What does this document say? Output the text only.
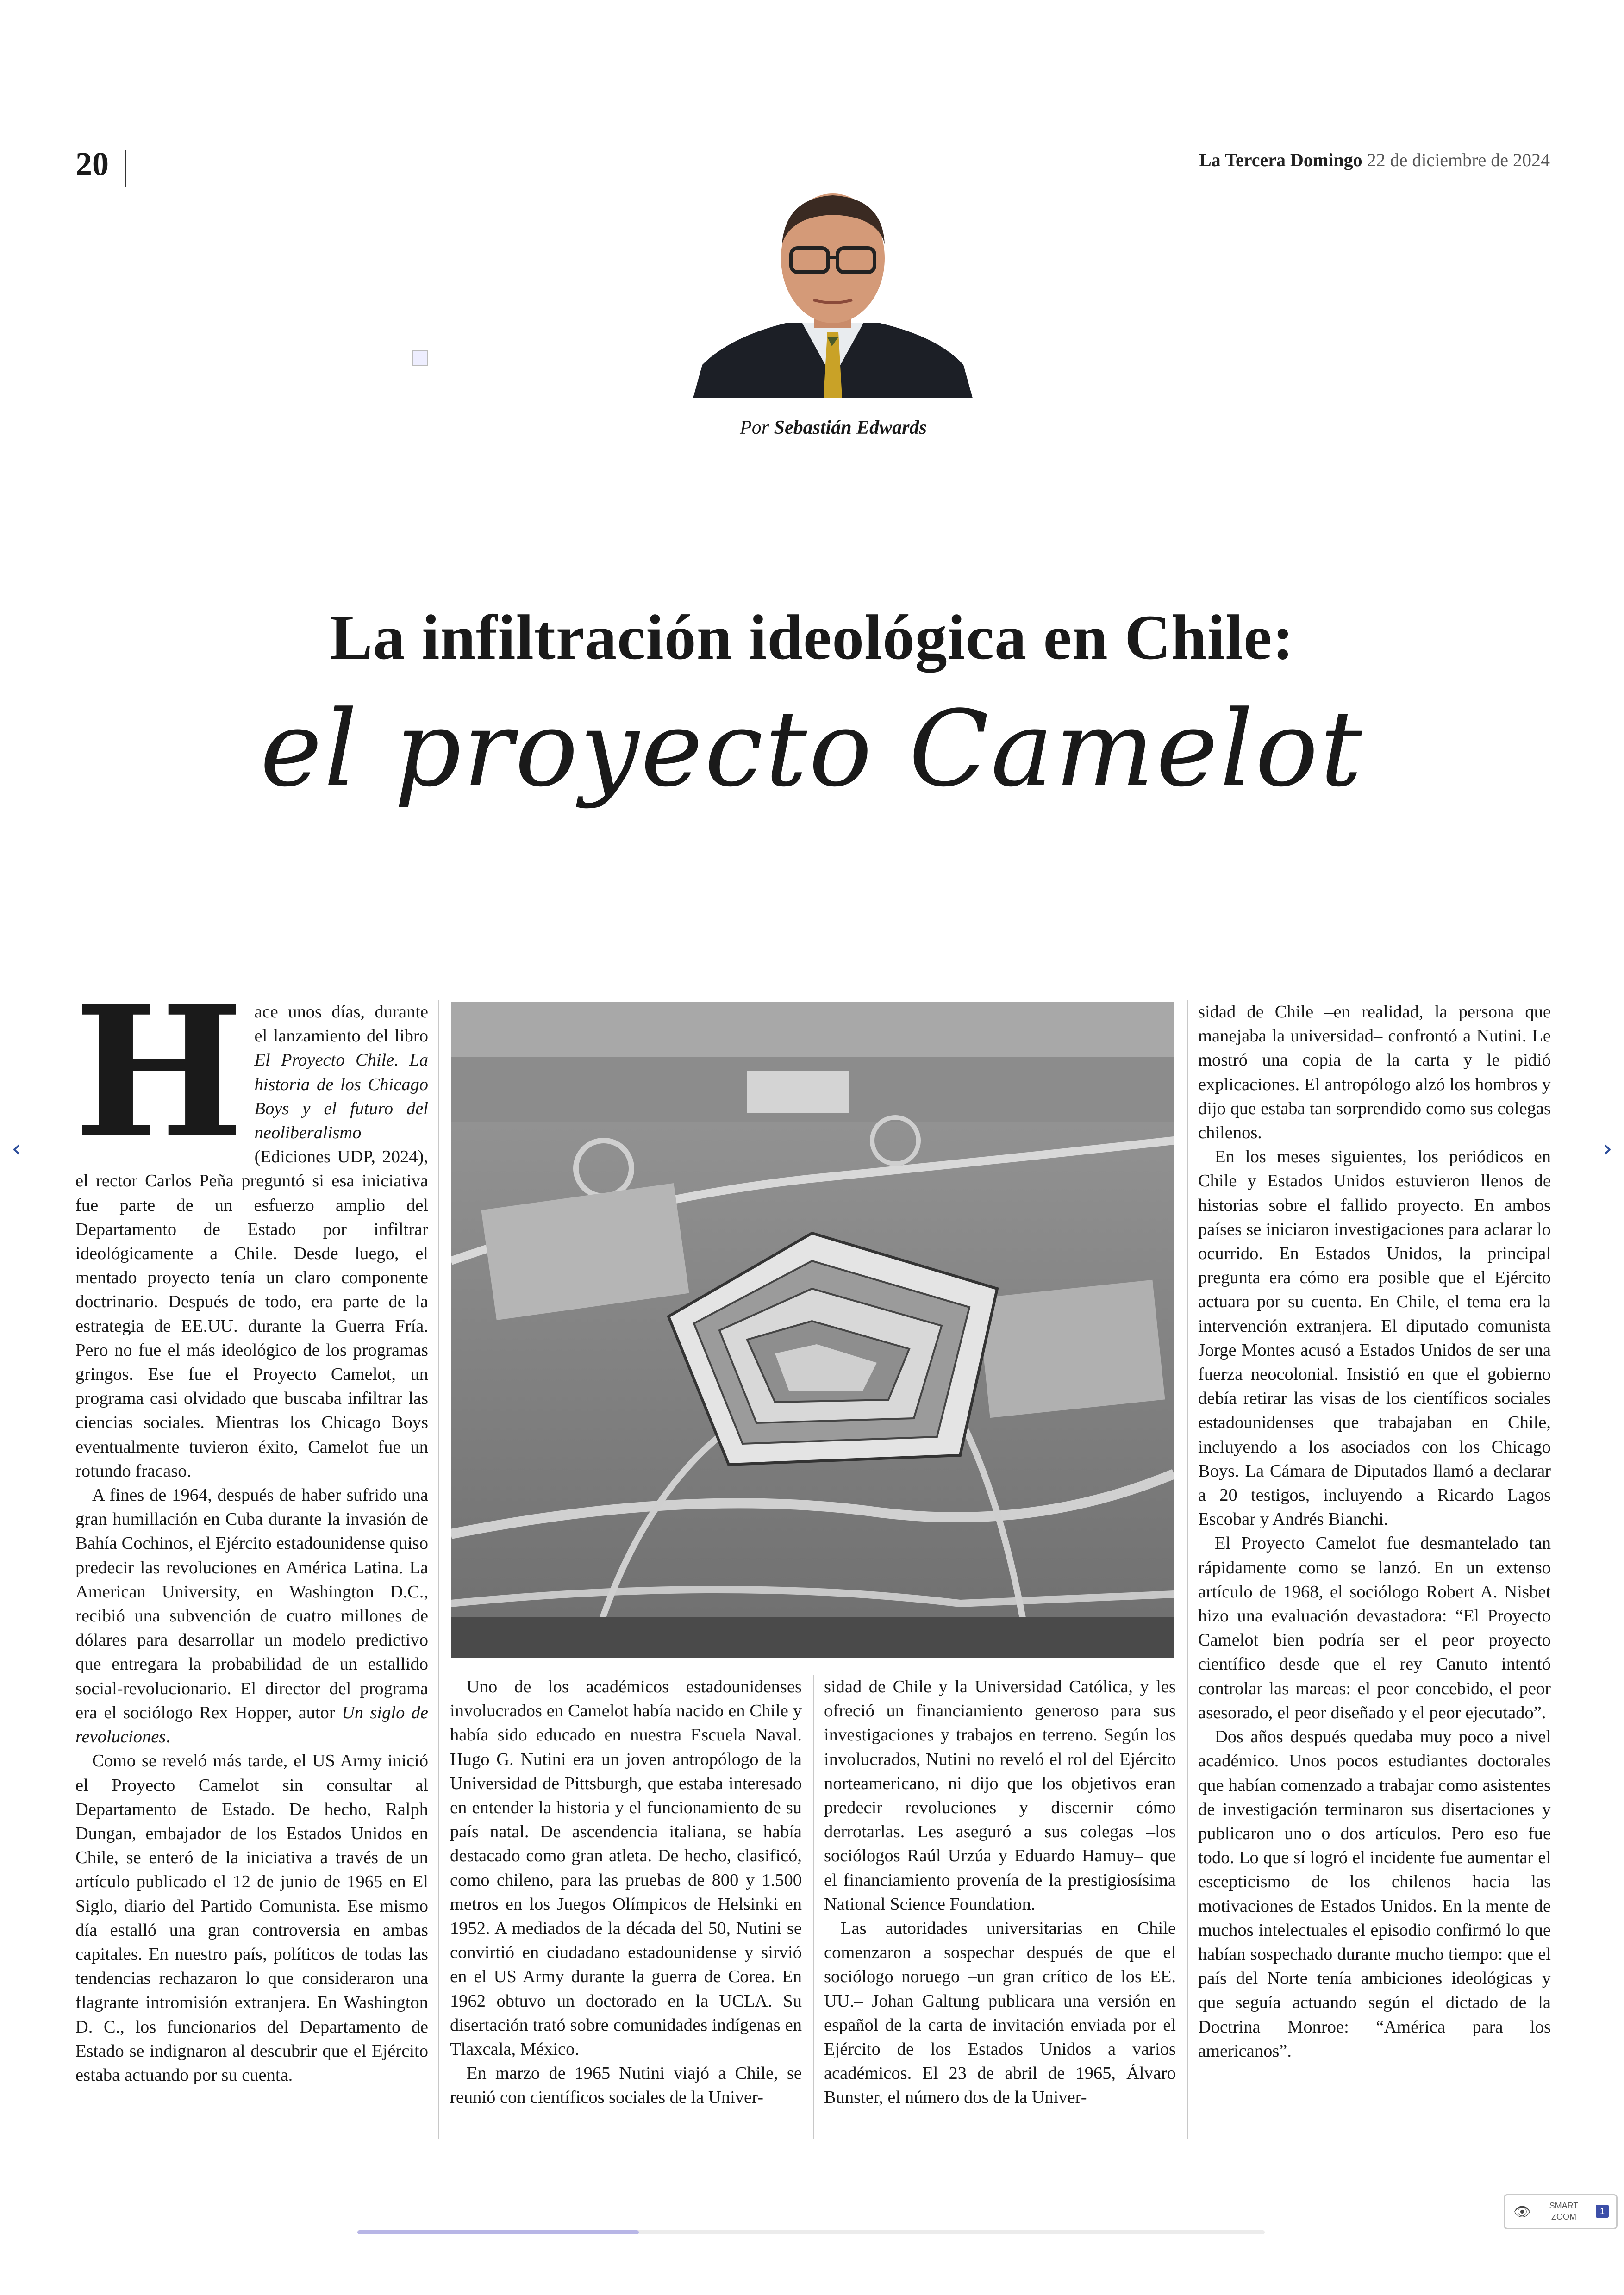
20	La Tercera Domingo 22 de diciembre de 2024
Por Sebastián Edwards
La infiltración ideológica en Chile:
el proyecto Camelot
H ace unos días, durante el lanzamiento del libro El Proyecto Chile. La historia de los Chicago Boys y el futuro del neoliberalismo (Ediciones UDP, 2024), el rector Carlos Peña preguntó si esa iniciativa fue parte de un esfuerzo amplio del Departamento de Estado por infiltrar ideológicamente a Chile. Desde luego, el mentado proyecto tenía un claro componente doctrinario. Después de todo, era parte de la estrategia de EE.UU. durante la Guerra Fría. Pero no fue el más ideológico de los programas gringos. Ese fue el Proyecto Camelot, un programa casi olvidado que buscaba infiltrar las ciencias sociales. Mientras los Chicago Boys eventualmente tuvieron éxito, Camelot fue un rotundo fracaso.

A fines de 1964, después de haber sufrido una gran humillación en Cuba durante la invasión de Bahía Cochinos, el Ejército estadounidense quiso predecir las revoluciones en América Latina. La American University, en Washington D.C., recibió una subvención de cuatro millones de dólares para desarrollar un modelo predictivo que entregara la probabilidad de un estallido social-revolucionario. El director del programa era el sociólogo Rex Hopper, autor Un siglo de revoluciones.

Como se reveló más tarde, el US Army inició el Proyecto Camelot sin consultar al Departamento de Estado. De hecho, Ralph Dungan, embajador de los Estados Unidos en Chile, se enteró de la iniciativa a través de un artículo publicado el 12 de junio de 1965 en El Siglo, diario del Partido Comunista. Ese mismo día estalló una gran controversia en ambas capitales. En nuestro país, políticos de todas las tendencias rechazaron lo que consideraron una flagrante intromisión extranjera. En Washington D. C., los funcionarios del Departamento de Estado se indignaron al descubrir que el Ejército estaba actuando por su cuenta.

Uno de los académicos estadounidenses involucrados en Camelot había nacido en Chile y había sido educado en nuestra Escuela Naval. Hugo G. Nutini era un joven antropólogo de la Universidad de Pittsburgh, que estaba interesado en entender la historia y el funcionamiento de su país natal. De ascendencia italiana, se había destacado como gran atleta. De hecho, clasificó, como chileno, para las pruebas de 800 y 1.500 metros en los Juegos Olímpicos de Helsinki en 1952. A mediados de la década del 50, Nutini se convirtió en ciudadano estadounidense y sirvió en el US Army durante la guerra de Corea. En 1962 obtuvo un doctorado en la UCLA. Su disertación trató sobre comunidades indígenas en Tlaxcala, México.

En marzo de 1965 Nutini viajó a Chile, se reunió con científicos sociales de la Univer-

sidad de Chile y la Universidad Católica, y les ofreció un financiamiento generoso para sus investigaciones y trabajos en terreno. Según los involucrados, Nutini no reveló el rol del Ejército norteamericano, ni dijo que los objetivos eran predecir revoluciones y discernir cómo derrotarlas. Les aseguró a sus colegas –los sociólogos Raúl Urzúa y Eduardo Hamuy– que el financiamiento provenía de la prestigiosísima National Science Foundation.

Las autoridades universitarias en Chile comenzaron a sospechar después de que el sociólogo noruego –un gran crítico de los EE. UU.– Johan Galtung publicara una versión en español de la carta de invitación enviada por el Ejército de los Estados Unidos a varios académicos. El 23 de abril de 1965, Álvaro Bunster, el número dos de la Univer-

sidad de Chile –en realidad, la persona que manejaba la universidad– confrontó a Nutini. Le mostró una copia de la carta y le pidió explicaciones. El antropólogo alzó los hombros y dijo que estaba tan sorprendido como sus colegas chilenos.

En los meses siguientes, los periódicos en Chile y Estados Unidos estuvieron llenos de historias sobre el fallido proyecto. En ambos países se iniciaron investigaciones para aclarar lo ocurrido. En Estados Unidos, la principal pregunta era cómo era posible que el Ejército actuara por su cuenta. En Chile, el tema era la intervención extranjera. El diputado comunista Jorge Montes acusó a Estados Unidos de ser una fuerza neocolonial. Insistió en que el gobierno debía retirar las visas de los científicos sociales estadounidenses que trabajaban en Chile, incluyendo a los asociados con los Chicago Boys. La Cámara de Diputados llamó a declarar a 20 testigos, incluyendo a Ricardo Lagos Escobar y Andrés Bianchi.

El Proyecto Camelot fue desmantelado tan rápidamente como se lanzó. En un extenso artículo de 1968, el sociólogo Robert A. Nisbet hizo una evaluación devastadora: “El Proyecto Camelot bien podría ser el peor proyecto científico desde que el rey Canuto intentó controlar las mareas: el peor concebido, el peor asesorado, el peor diseñado y el peor ejecutado”.

Dos años después quedaba muy poco a nivel académico. Unos pocos estudiantes doctorales que habían comenzado a trabajar como asistentes de investigación terminaron sus disertaciones y publicaron uno o dos artículos. Pero eso fue todo. Lo que sí logró el incidente fue aumentar el escepticismo de los chilenos hacia las motivaciones de Estados Unidos. En la mente de muchos intelectuales el episodio confirmó lo que habían sospechado durante mucho tiempo: que el país del Norte tenía ambiciones ideológicas y que seguía actuando según el dictado de la Doctrina Monroe: “América para los americanos”.

‹	›
👁	SMART ZOOM
1
